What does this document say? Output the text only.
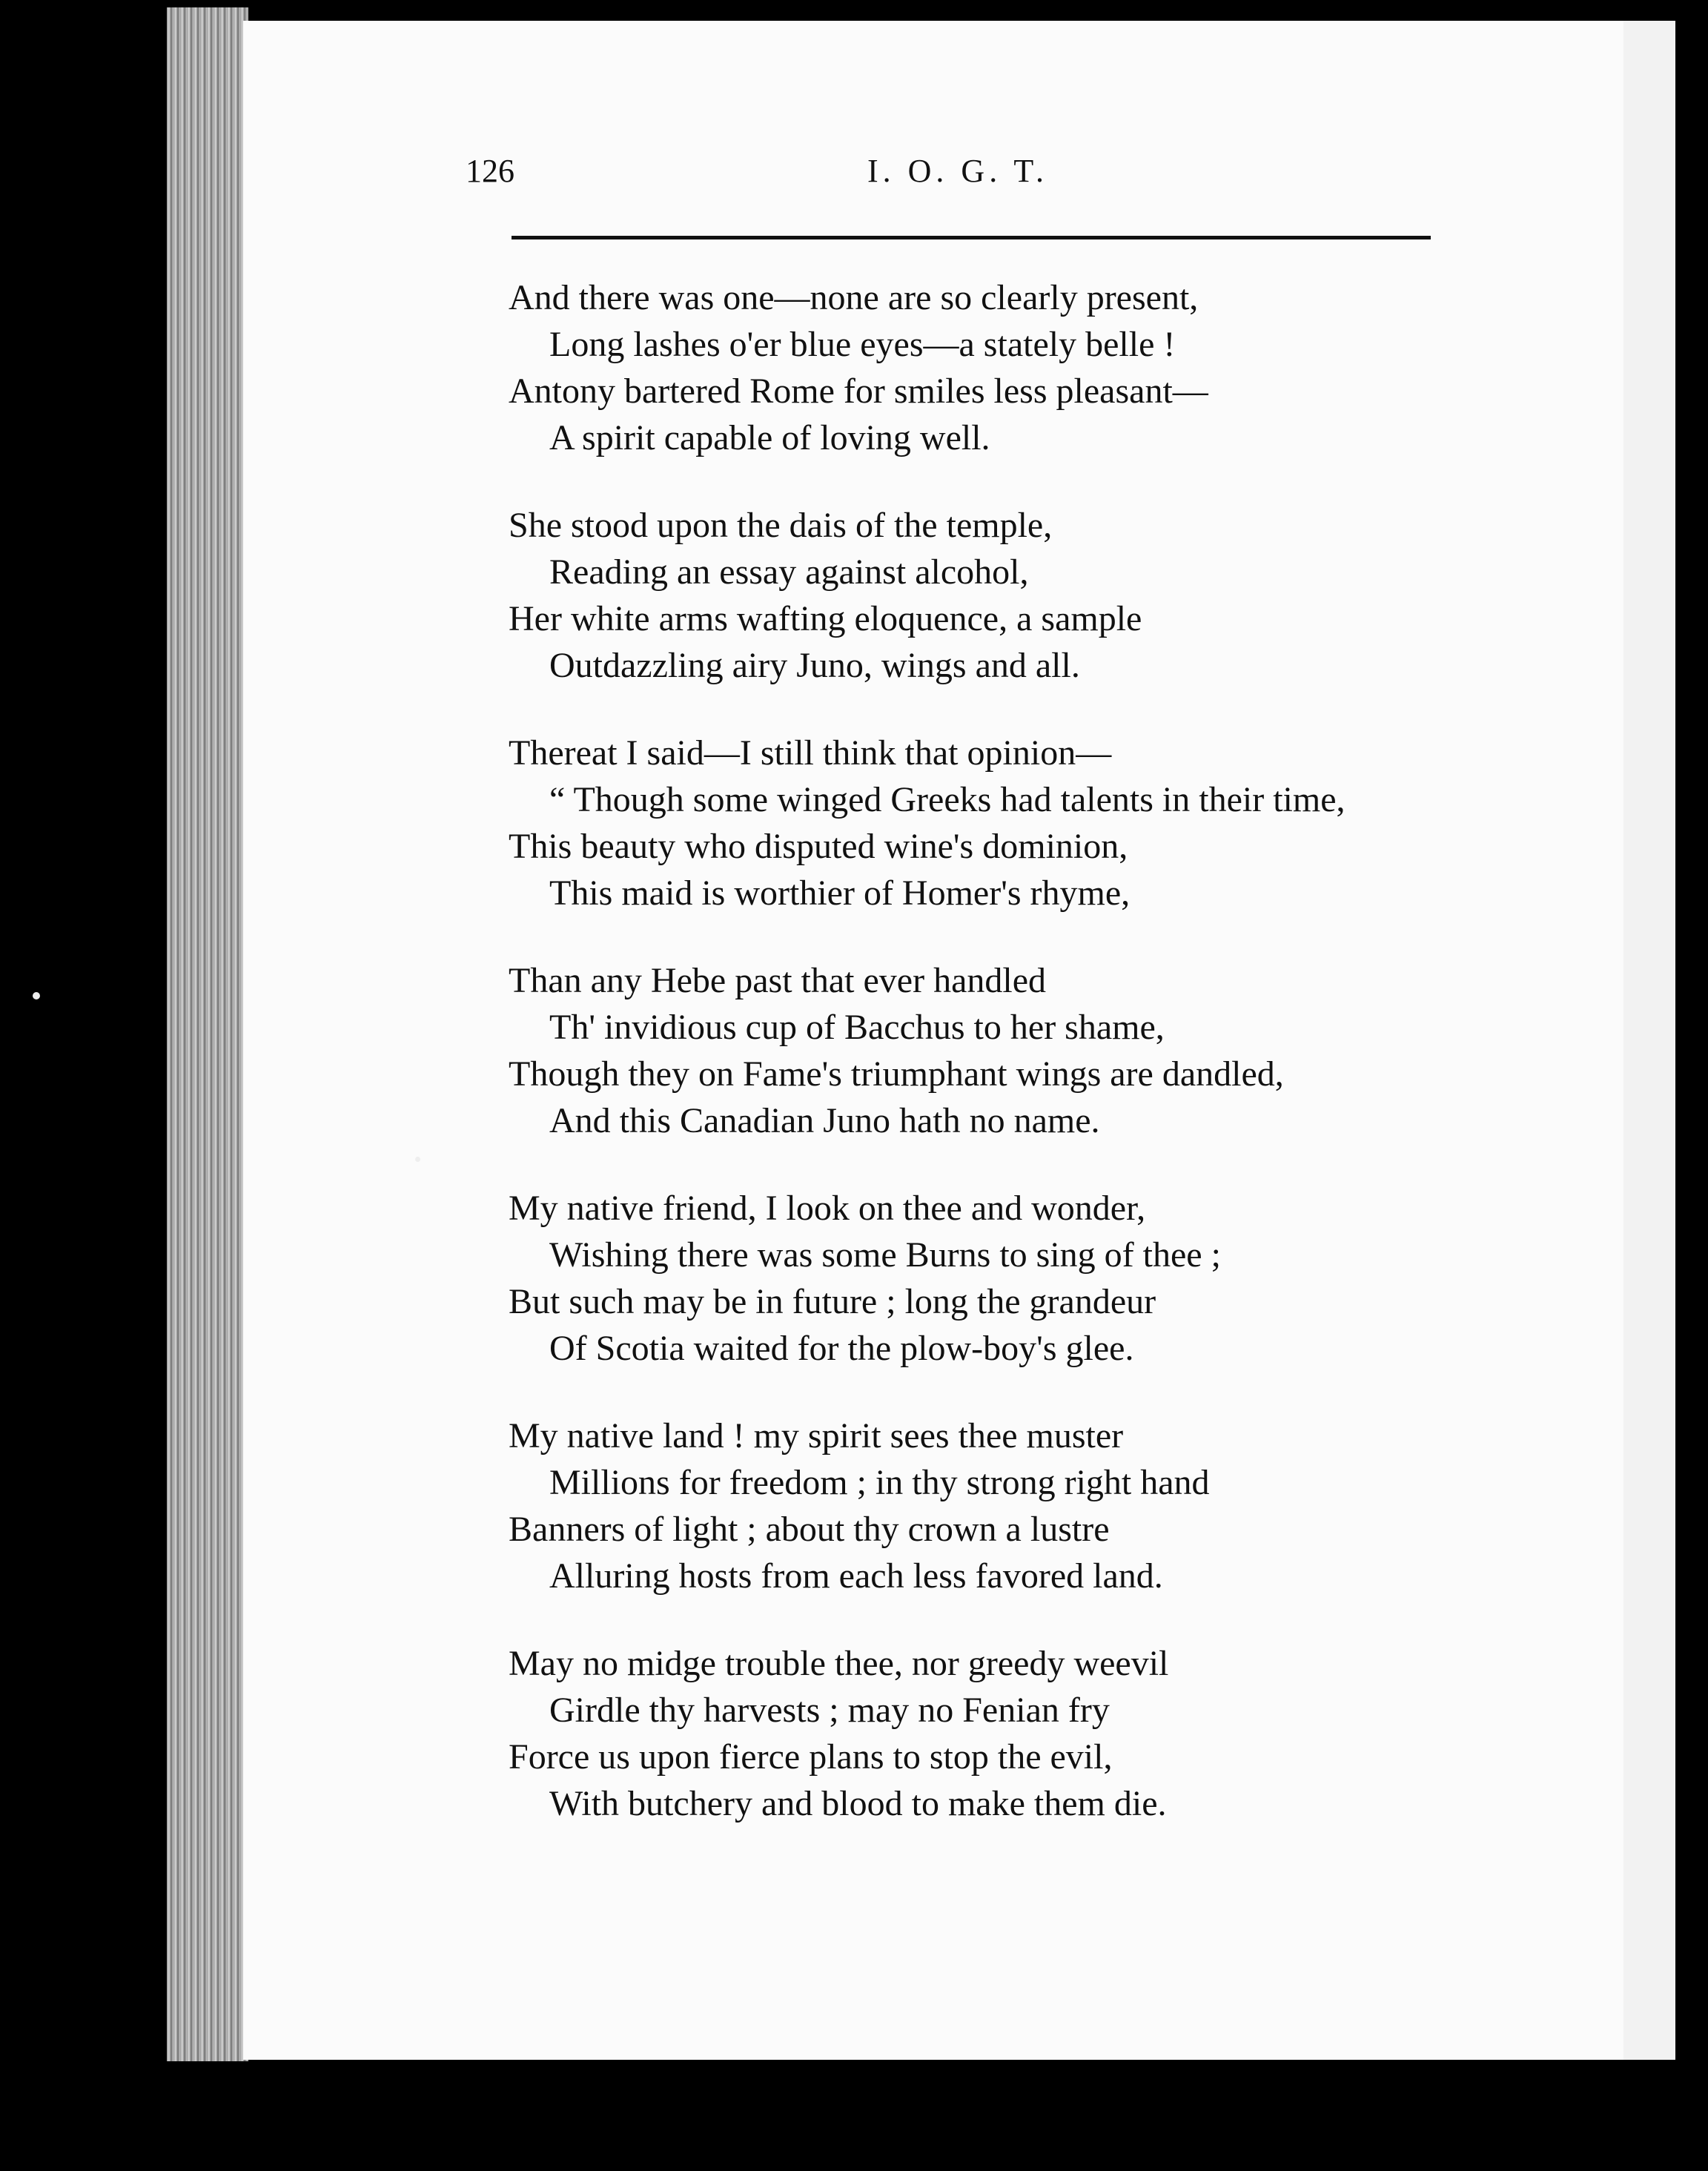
126	I. O. G. T.
And there was one—none are so clearly present,
Long lashes o'er blue eyes—a stately belle !
Antony bartered Rome for smiles less pleasant—
A spirit capable of loving well.
She stood upon the dais of the temple,
Reading an essay against alcohol,
Her white arms wafting eloquence, a sample
Outdazzling airy Juno, wings and all.
Thereat I said—I still think that opinion—
“ Though some winged Greeks had talents in their time,
This beauty who disputed wine's dominion,
This maid is worthier of Homer's rhyme,
Than any Hebe past that ever handled
Th' invidious cup of Bacchus to her shame,
Though they on Fame's triumphant wings are dandled,
And this Canadian Juno hath no name.
My native friend, I look on thee and wonder,
Wishing there was some Burns to sing of thee ;
But such may be in future ; long the grandeur
Of Scotia waited for the plow-boy's glee.
My native land ! my spirit sees thee muster
Millions for freedom ; in thy strong right hand
Banners of light ; about thy crown a lustre
Alluring hosts from each less favored land.
May no midge trouble thee, nor greedy weevil
Girdle thy harvests ; may no Fenian fry
Force us upon fierce plans to stop the evil,
With butchery and blood to make them die.
